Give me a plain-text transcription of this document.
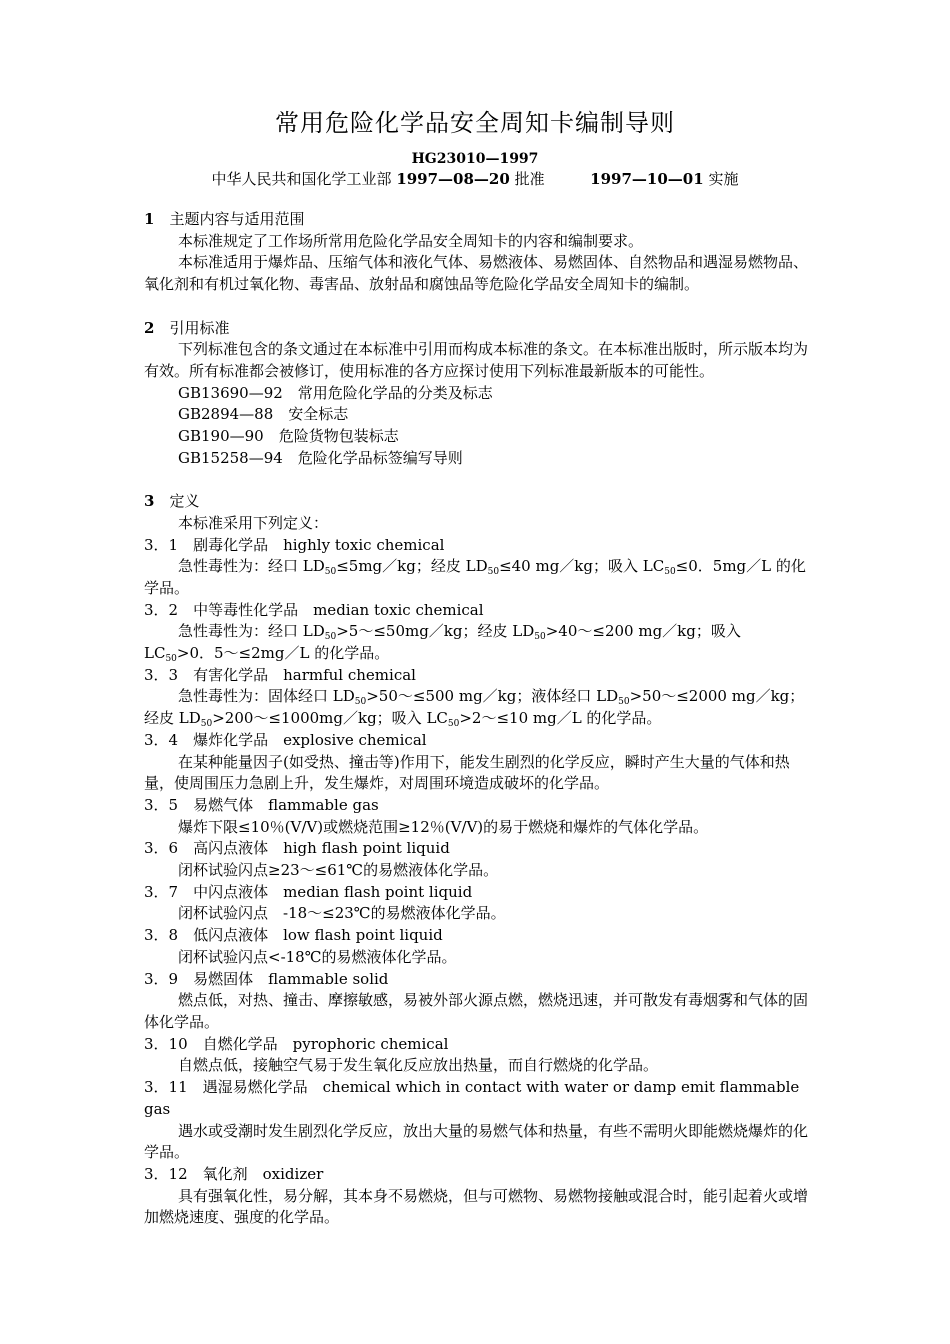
常用危险化学品安全周知卡编制导则
HG23010—1997
中华人民共和国化学工业部 1997—08—20 批准	1997—10—01 实施

1　 主题内容与适用范围

本标准规定了工作场所常用危险化学品安全周知卡的内容和编制要求。

本标准适用于爆炸品、压缩气体和液化气体、易燃液体、易燃固体、自然物品和遇湿易燃物品、氧化剂和有机过氧化物、毒害品、放射品和腐蚀品等危险化学品安全周知卡的编制。

2　 引用标准

下列标准包含的条文通过在本标准中引用而构成本标准的条文。在本标准出版时，所示版本均为有效。所有标准都会被修订，使用标准的各方应探讨使用下列标准最新版本的可能性。

GB13690—92　常用危险化学品的分类及标志

GB2894—88　安全标志

GB190—90　危险货物包装标志

GB15258—94　危险化学品标签编写导则

3　 定义

本标准采用下列定义：

3．1　剧毒化学品　highly toxic chemical

急性毒性为：经口 $LD_{50}\le 5mg/kg$；经皮 $LD_{50}\le 40$ mg／kg；吸入 $LC_{50}\le 0$．5mg／L 的化学品。

3．2　中等毒性化学品　median toxic chemical

急性毒性为：经口 $LD_{50}>5\sim\le 50mg/kg$；经皮 $LD_{50}>40\sim\le 200$ mg／kg；吸入 $LC_{50}>0$．5～≤2mg／L 的化学品。

3．3　有害化学品　harmful chemical

急性毒性为：固体经口 $LD_{50}>50\sim\le 500$ mg／kg；液体经口 $LD_{50}>50\sim\le 2000$ mg／kg；经皮 $LD_{50}>200\sim\le 1000mg/kg$；吸入 $LC_{50}>2\sim\le 10$ mg／L 的化学品。

3．4　爆炸化学品　explosive chemical

在某种能量因子(如受热、撞击等)作用下，能发生剧烈的化学反应，瞬时产生大量的气体和热量，使周围压力急剧上升，发生爆炸，对周围环境造成破坏的化学品。

3．5　易燃气体　flammable gas

爆炸下限≤10％(V/V)或燃烧范围≥12％(V/V)的易于燃烧和爆炸的气体化学品。

3．6　高闪点液体　high flash point liquid

闭杯试验闪点≥23～≤61℃的易燃液体化学品。

3．7　中闪点液体　median flash point liquid

闭杯试验闪点　-18～≤23℃的易燃液体化学品。

3．8　低闪点液体　low flash point liquid

闭杯试验闪点<-18℃的易燃液体化学品。

3．9　易燃固体　flammable solid

燃点低，对热、撞击、摩擦敏感，易被外部火源点燃，燃烧迅速，并可散发有毒烟雾和气体的固体化学品。

3．10　自燃化学品　pyrophoric chemical

自燃点低，接触空气易于发生氧化反应放出热量，而自行燃烧的化学品。

3．11　遇湿易燃化学品　chemical which in contact with water or damp emit flammable gas

遇水或受潮时发生剧烈化学反应，放出大量的易燃气体和热量，有些不需明火即能燃烧爆炸的化学品。

3．12　氧化剂　oxidizer

具有强氧化性，易分解，其本身不易燃烧，但与可燃物、易燃物接触或混合时，能引起着火或增加燃烧速度、强度的化学品。
